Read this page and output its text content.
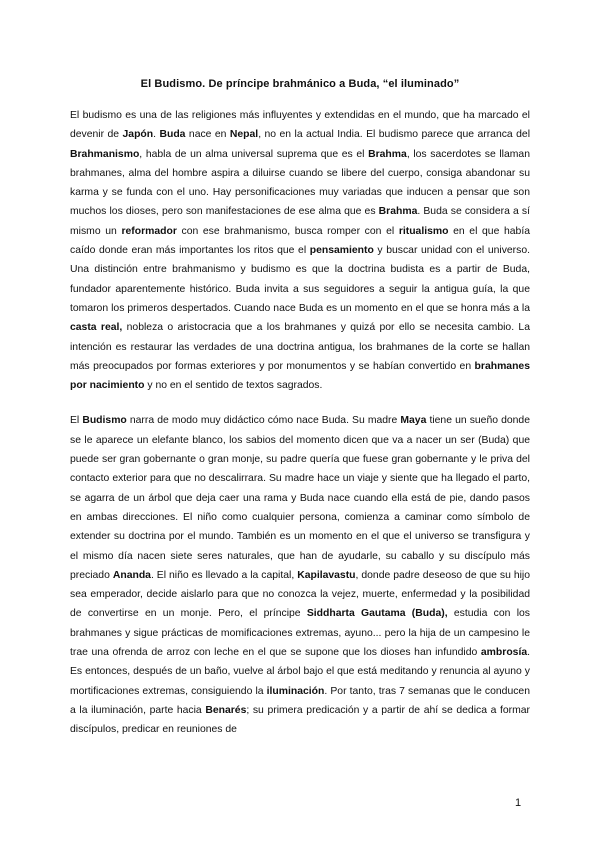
El Budismo. De príncipe brahmánico a Buda, “el iluminado”

El budismo es una de las religiones más influyentes y extendidas en el mundo, que ha marcado el devenir de Japón. Buda nace en Nepal, no en la actual India. El budismo parece que arranca del Brahmanismo, habla de un alma universal suprema que es el Brahma, los sacerdotes se llaman brahmanes, alma del hombre aspira a diluirse cuando se libere del cuerpo, consiga abandonar su karma y se funda con el uno. Hay personificaciones muy variadas que inducen a pensar que son muchos los dioses, pero son manifestaciones de ese alma que es Brahma. Buda se considera a sí mismo un reformador con ese brahmanismo, busca romper con el ritualismo en el que había caído donde eran más importantes los ritos que el pensamiento y buscar unidad con el universo. Una distinción entre brahmanismo y budismo es que la doctrina budista es a partir de Buda, fundador aparentemente histórico. Buda invita a sus seguidores a seguir la antigua guía, la que tomaron los primeros despertados. Cuando nace Buda es un momento en el que se honra más a la casta real, nobleza o aristocracia que a los brahmanes y quizá por ello se necesita cambio. La intención es restaurar las verdades de una doctrina antigua, los brahmanes de la corte se hallan más preocupados por formas exteriores y por monumentos y se habían convertido en brahmanes por nacimiento y no en el sentido de textos sagrados.

El Budismo narra de modo muy didáctico cómo nace Buda. Su madre Maya tiene un sueño donde se le aparece un elefante blanco, los sabios del momento dicen que va a nacer un ser (Buda) que puede ser gran gobernante o gran monje, su padre quería que fuese gran gobernante y le priva del contacto exterior para que no descalirrara. Su madre hace un viaje y siente que ha llegado el parto, se agarra de un árbol que deja caer una rama y Buda nace cuando ella está de pie, dando pasos en ambas direcciones. El niño como cualquier persona, comienza a caminar como símbolo de extender su doctrina por el mundo. También es un momento en el que el universo se transfigura y el mismo día nacen siete seres naturales, que han de ayudarle, su caballo y su discípulo más preciado Ananda. El niño es llevado a la capital, Kapilavastu, donde padre deseoso de que su hijo sea emperador, decide aislarlo para que no conozca la vejez, muerte, enfermedad y la posibilidad de convertirse en un monje. Pero, el príncipe Siddharta Gautama (Buda), estudia con los brahmanes y sigue prácticas de momificaciones extremas, ayuno... pero la hija de un campesino le trae una ofrenda de arroz con leche en el que se supone que los dioses han infundido ambrosía. Es entonces, después de un baño, vuelve al árbol bajo el que está meditando y renuncia al ayuno y mortificaciones extremas, consiguiendo la iluminación. Por tanto, tras 7 semanas que le conducen a la iluminación, parte hacia Benarés; su primera predicación y a partir de ahí se dedica a formar discípulos, predicar en reuniones de

1
